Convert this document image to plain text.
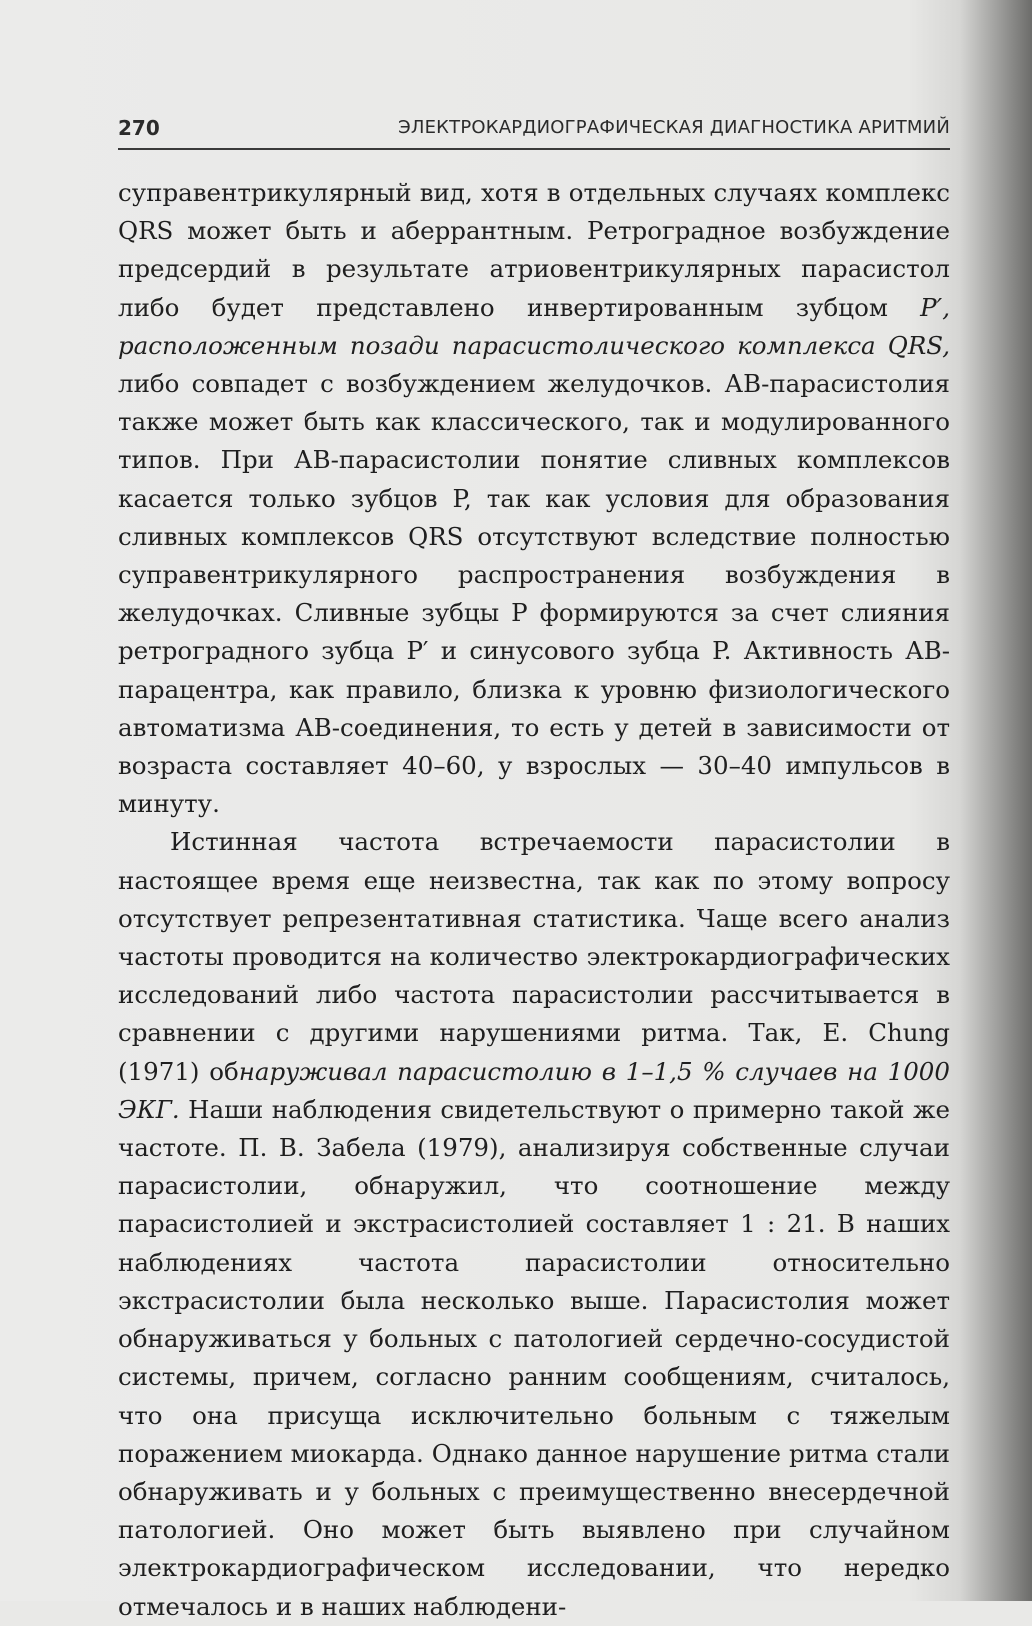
270	ЭЛЕКТРОКАРДИОГРАФИЧЕСКАЯ ДИАГНОСТИКА АРИТМИЙ

суправентрикулярный вид, хотя в отдельных случаях комплекс QRS может быть и аберрантным. Ретроградное возбуждение предсердий в результате атриовентрикулярных парасистол либо будет представлено инвертированным зубцом P′, расположенным позади парасистолического комплекса QRS, либо совпадет с возбуждением желудочков. АВ-парасистолия также может быть как классического, так и модулированного типов. При АВ-парасистолии понятие сливных комплексов касается только зубцов P, так как условия для образования сливных комплексов QRS отсутствуют вследствие полностью суправентрикулярного распространения возбуждения в желудочках. Сливные зубцы P формируются за счет слияния ретроградного зубца P′ и синусового зубца P. Активность АВ-парацентра, как правило, близка к уровню физиологического автоматизма АВ-соединения, то есть у детей в зависимости от возраста составляет 40–60, у взрослых — 30–40 импульсов в минуту.

Истинная частота встречаемости парасистолии в настоящее время еще неизвестна, так как по этому вопросу отсутствует репрезентативная статистика. Чаще всего анализ частоты проводится на количество электрокардиографических исследований либо частота парасистолии рассчитывается в сравнении с другими нарушениями ритма. Так, E. Chung (1971) обнаруживал парасистолию в 1–1,5 % случаев на 1000 ЭКГ. Наши наблюдения свидетельствуют о примерно такой же частоте. П. В. Забела (1979), анализируя собственные случаи парасистолии, обнаружил, что соотношение между парасистолией и экстрасистолией составляет 1 : 21. В наших наблюдениях частота парасистолии относительно экстрасистолии была несколько выше. Парасистолия может обнаруживаться у больных с патологией сердечно-сосудистой системы, причем, согласно ранним сообщениям, считалось, что она присуща исключительно больным с тяжелым поражением миокарда. Однако данное нарушение ритма стали обнаруживать и у больных с преимущественно внесердечной патологией. Оно может быть выявлено при случайном электрокардиографическом исследовании, что нередко отмечалось и в наших наблюдени-
